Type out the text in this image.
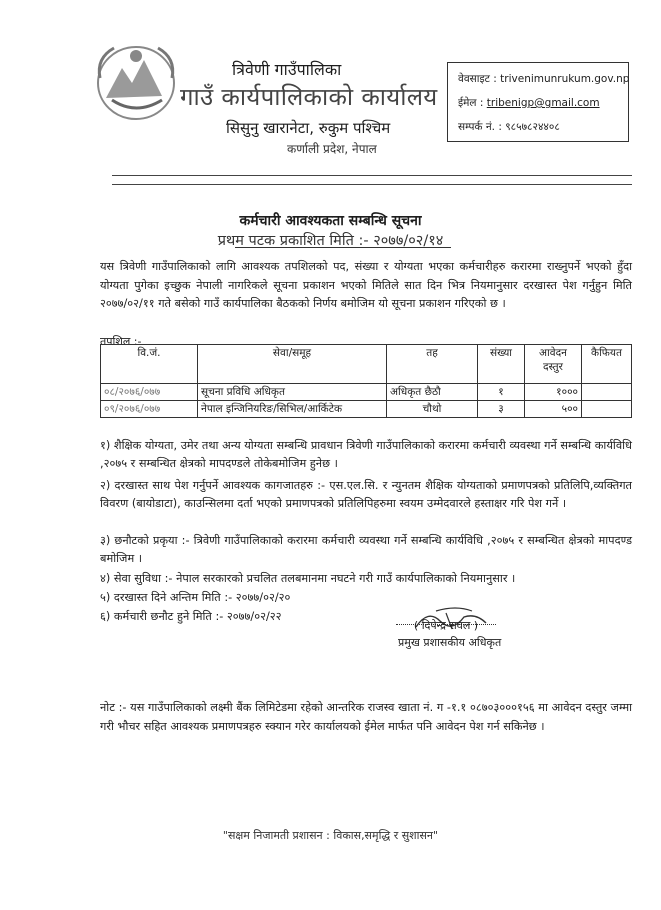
त्रिवेणी गाउँपालिका
गाउँ कार्यपालिकाको कार्यालय
सिसुनु खारानेटा, रुकुम पश्चिम
कर्णाली प्रदेश, नेपाल
वेवसाइट : trivenimunrukum.gov.np
ईमेल : tribenigp@gmail.com
सम्पर्क नं. : ९८५७८२४४०८
कर्मचारी आवश्यकता सम्बन्धि सूचना
प्रथम पटक प्रकाशित मिति :- २०७७/०२/१४
यस त्रिवेणी गाउँपालिकाको लागि आवश्यक तपशिलको पद, संख्या र योग्यता भएका कर्मचारीहरु करारमा राख्नुपर्ने भएको हुँदा योग्यता पुगेका इच्छुक नेपाली नागरिकले सूचना प्रकाशन भएको मितिले सात दिन भित्र नियमानुसार दरखास्त पेश गर्नुहुन मिति २०७७/०२/११ गते बसेको गाउँ कार्यपालिका बैठकको निर्णय बमोजिम यो सूचना प्रकाशन गरिएको छ ।
तपशिल :-
वि.जं.	सेवा/समूह	तह	संख्या	आवेदन दस्तुर	कैफियत
०८/२०७६/०७७	सूचना प्रविधि अधिकृत	अधिकृत छैठौ	१	१०००	
०९/२०७६/०७७	नेपाल इन्जिनियरिङ/सिभिल/आर्किटेक	चौथो	३	५००	
१) शैक्षिक योग्यता, उमेर तथा अन्य योग्यता सम्बन्धि प्रावधान त्रिवेणी गाउँपालिकाको करारमा कर्मचारी व्यवस्था गर्ने सम्बन्धि कार्यविधि ,२०७५ र सम्बन्धित क्षेत्रको मापदण्डले तोकेबमोजिम हुनेछ ।
२) दरखास्त साथ पेश गर्नुपर्ने आवश्यक कागजातहरु :- एस.एल.सि. र न्युनतम शैक्षिक योग्यताको प्रमाणपत्रको प्रतिलिपि,व्यक्तिगत विवरण (बायोडाटा), काउन्सिलमा दर्ता भएको प्रमाणपत्रको प्रतिलिपिहरुमा स्वयम उम्मेदवारले हस्ताक्षर गरि पेश गर्ने ।
३) छनौटको प्रकृया :- त्रिवेणी गाउँपालिकाको करारमा कर्मचारी व्यवस्था गर्ने सम्बन्धि कार्यविधि ,२०७५ र सम्बन्धित क्षेत्रको मापदण्ड बमोजिम ।
४) सेवा सुविधा :- नेपाल सरकारको प्रचलित तलबमानमा नघटने गरी गाउँ कार्यपालिकाको नियमानुसार ।
५) दरखास्त दिने अन्तिम मिति :- २०७७/०२/२०
६) कर्मचारी छनौट हुने मिति :- २०७७/०२/२२
( दिपेन्द्र रावल )
प्रमुख प्रशासकीय अधिकृत
नोट :- यस गाउँपालिकाको लक्ष्मी बैंक लिमिटेडमा रहेको आन्तरिक राजस्व खाता नं. ग -१.१ ०८७०३०००१५६ मा आवेदन दस्तुर जम्मा गरी भौचर सहित आवश्यक प्रमाणपत्रहरु स्क्यान गरेर कार्यालयको ईमेल मार्फत पनि आवेदन पेश गर्न सकिनेछ ।
"सक्षम निजामती प्रशासन : विकास,समृद्धि र सुशासन"
